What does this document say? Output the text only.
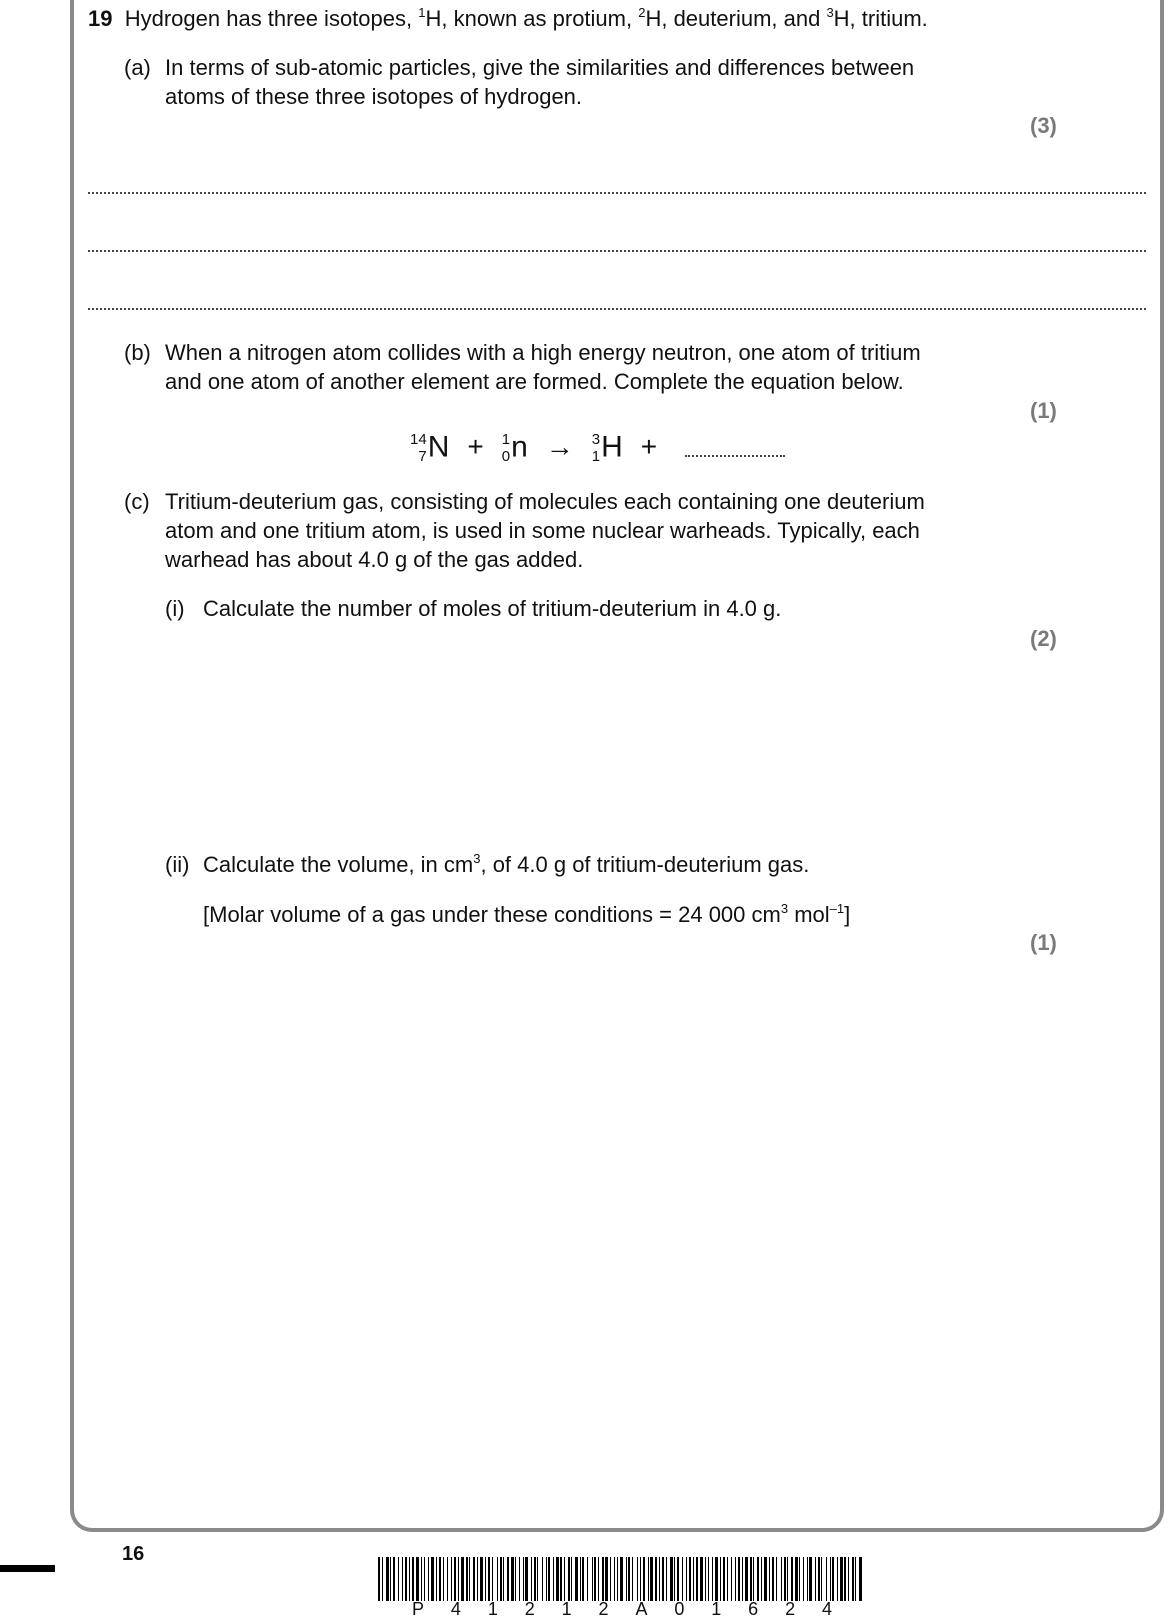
19 Hydrogen has three isotopes, $^1$H, known as protium, $^2$H, deuterium, and $^3$H, tritium.
(a) In terms of sub-atomic particles, give the similarities and differences between
atoms of these three isotopes of hydrogen.
(3)
(b) When a nitrogen atom collides with a high energy neutron, one atom of tritium
and one atom of another element are formed. Complete the equation below.
(1)
14
7 N + 1
0 n → 3
1 H +
(c) Tritium-deuterium gas, consisting of molecules each containing one deuterium
atom and one tritium atom, is used in some nuclear warheads. Typically, each
warhead has about 4.0 g of the gas added.
(i) Calculate the number of moles of tritium-deuterium in 4.0 g.
(2)
(ii) Calculate the volume, in $cm^3$, of 4.0 g of tritium-deuterium gas.
[Molar volume of a gas under these conditions = 24 000 $cm^3$ mol$^{-1}$]
(1)
16
P 4 1 2 1 2 A 0 1 6 2 4
